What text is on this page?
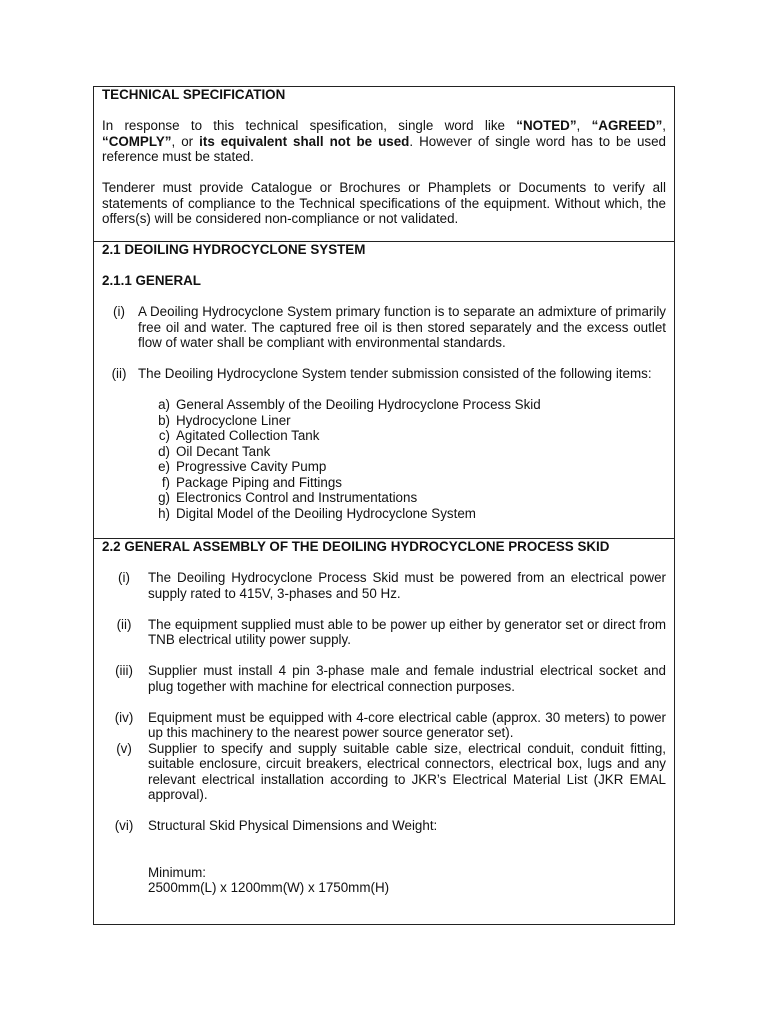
TECHNICAL SPECIFICATION

In response to this technical spesification, single word like “NOTED”, “AGREED”, “COMPLY”, or its equivalent shall not be used. However of single word has to be used reference must be stated.

Tenderer must provide Catalogue or Brochures or Phamplets or Documents to verify all statements of compliance to the Technical specifications of the equipment. Without which, the offers(s) will be considered non-compliance or not validated.

2.1 DEOILING HYDROCYCLONE SYSTEM
2.1.1 GENERAL
(i) A Deoiling Hydrocyclone System primary function is to separate an admixture of primarily free oil and water. The captured free oil is then stored separately and the excess outlet flow of water shall be compliant with environmental standards.
(ii) The Deoiling Hydrocyclone System tender submission consisted of the following items:
a) General Assembly of the Deoiling Hydrocyclone Process Skid
b) Hydrocyclone Liner
c) Agitated Collection Tank
d) Oil Decant Tank
e) Progressive Cavity Pump
f) Package Piping and Fittings
g) Electronics Control and Instrumentations
h) Digital Model of the Deoiling Hydrocyclone System
2.2 GENERAL ASSEMBLY OF THE DEOILING HYDROCYCLONE PROCESS SKID
(i)	The Deoiling Hydrocyclone Process Skid must be powered from an electrical power supply rated to 415V, 3-phases and 50 Hz.
(ii)	The equipment supplied must able to be power up either by generator set or direct from TNB electrical utility power supply.
(iii)	Supplier must install 4 pin 3-phase male and female industrial electrical socket and plug together with machine for electrical connection purposes.
(iv)	Equipment must be equipped with 4-core electrical cable (approx. 30 meters) to power up this machinery to the nearest power source generator set).
(v)	Supplier to specify and supply suitable cable size, electrical conduit, conduit fitting, suitable enclosure, circuit breakers, electrical connectors, electrical box, lugs and any relevant electrical installation according to JKR’s Electrical Material List (JKR EMAL approval).
(vi)	Structural Skid Physical Dimensions and Weight:
Minimum:
2500mm(L) x 1200mm(W) x 1750mm(H)
